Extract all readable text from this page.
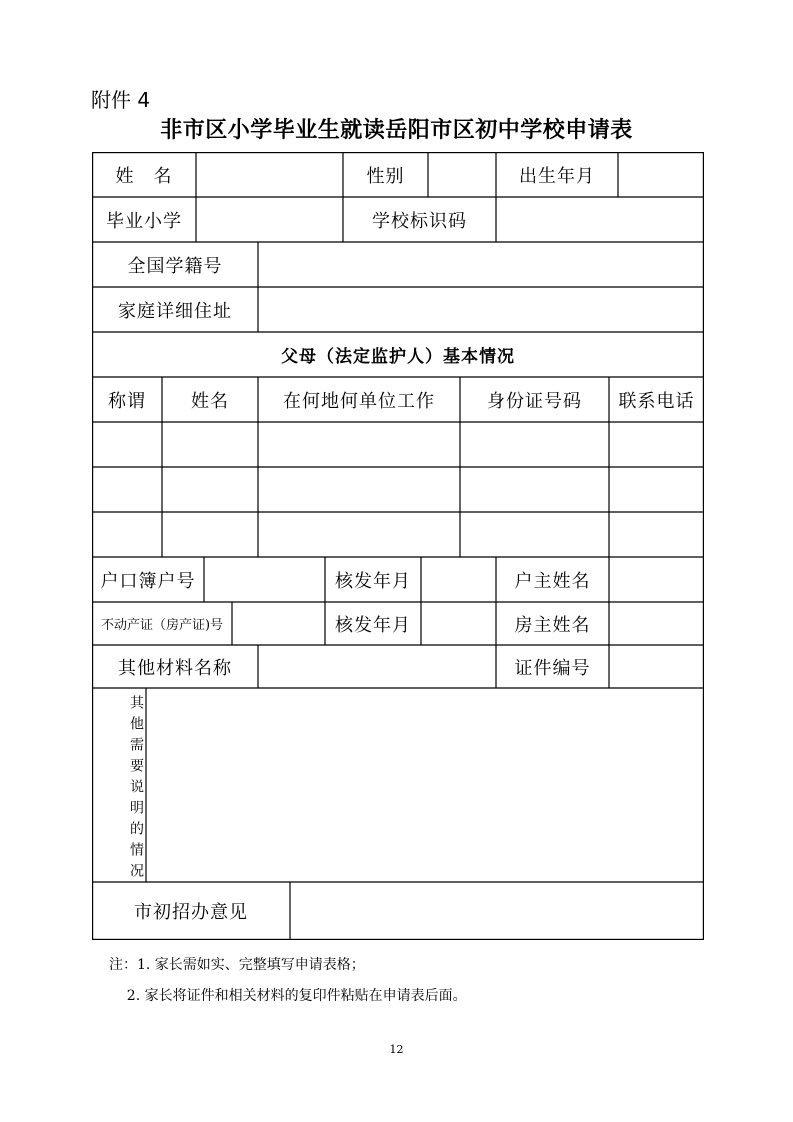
附件 4
非市区小学毕业生就读岳阳市区初中学校申请表
姓　名	性别	出生年月
毕业小学	学校标识码
全国学籍号
家庭详细住址
父母（法定监护人）基本情况
称谓	姓名	在何地何单位工作	身份证号码	联系电话
户口簿户号	核发年月	户主姓名
不动产证（房产证)号	核发年月	房主姓名
其他材料名称	证件编号
其他需要说明的情况
市初招办意见
注：1. 家长需如实、完整填写申请表格；
2. 家长将证件和相关材料的复印件粘贴在申请表后面。
12
